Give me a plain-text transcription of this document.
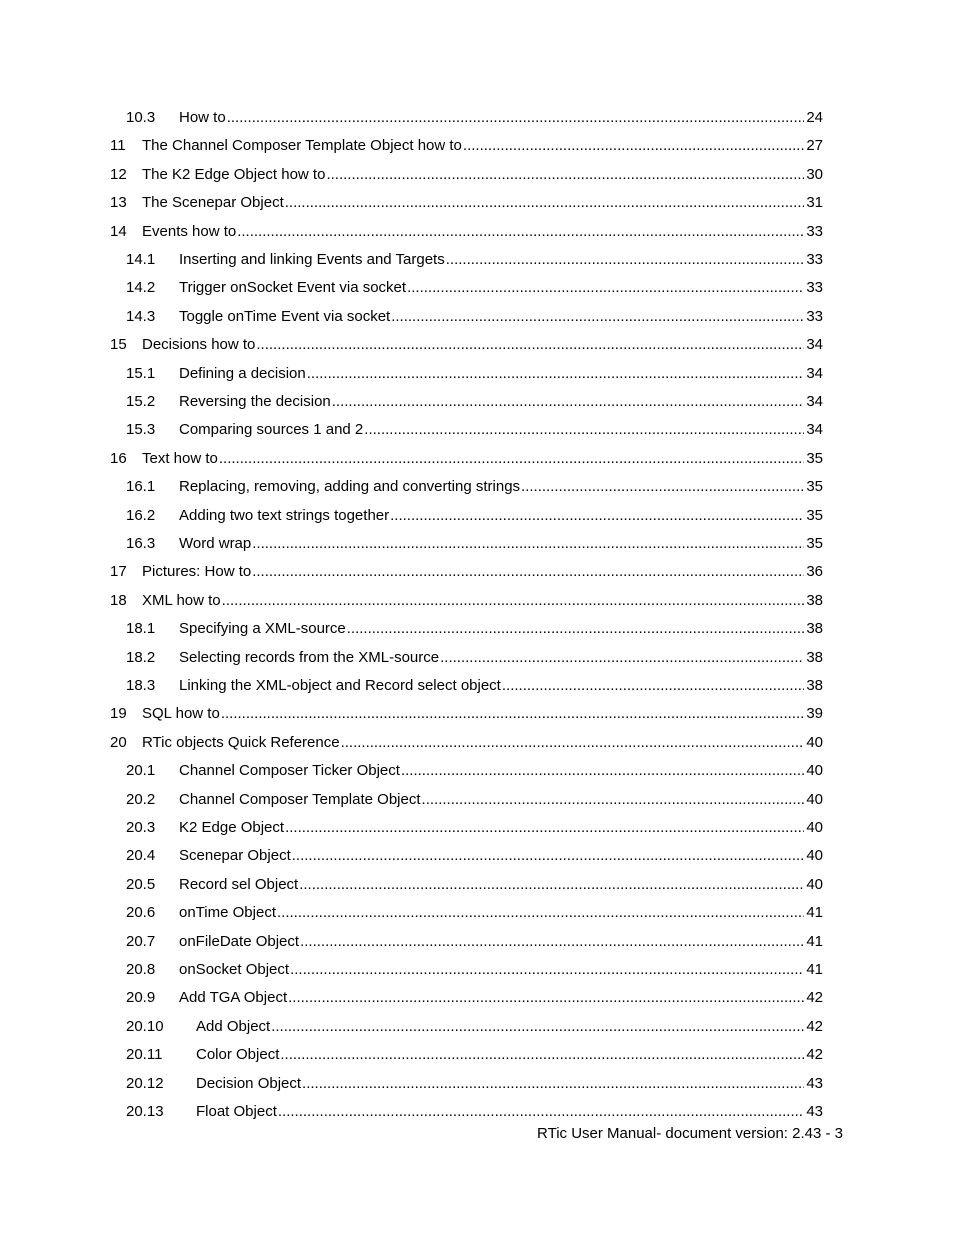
10.3 How to .....	24
11 The Channel Composer Template Object how to .....	27
12 The K2 Edge Object how to .....	30
13 The Scenepar Object .....	31
14 Events how to .....	33
14.1 Inserting and linking Events and Targets .....	33
14.2 Trigger onSocket Event via socket .....	33
14.3 Toggle onTime Event via socket .....	33
15 Decisions how to .....	34
15.1 Defining a decision .....	34
15.2 Reversing the decision .....	34
15.3 Comparing sources 1 and 2 .....	34
16 Text how to .....	35
16.1 Replacing, removing, adding and converting strings .....	35
16.2 Adding two text strings together .....	35
16.3 Word wrap .....	35
17 Pictures: How to .....	36
18 XML how to .....	38
18.1 Specifying a XML-source .....	38
18.2 Selecting records from the XML-source .....	38
18.3 Linking the XML-object and Record select object .....	38
19 SQL how to .....	39
20 RTic objects Quick Reference .....	40
20.1 Channel Composer Ticker Object .....	40
20.2 Channel Composer Template Object .....	40
20.3 K2 Edge Object .....	40
20.4 Scenepar Object .....	40
20.5 Record sel Object .....	40
20.6 onTime Object .....	41
20.7 onFileDate Object .....	41
20.8 onSocket Object .....	41
20.9 Add TGA Object .....	42
20.10 Add Object .....	42
20.11 Color Object .....	42
20.12 Decision Object .....	43
20.13 Float Object .....	43
RTic User Manual- document version: 2.43 - 3
